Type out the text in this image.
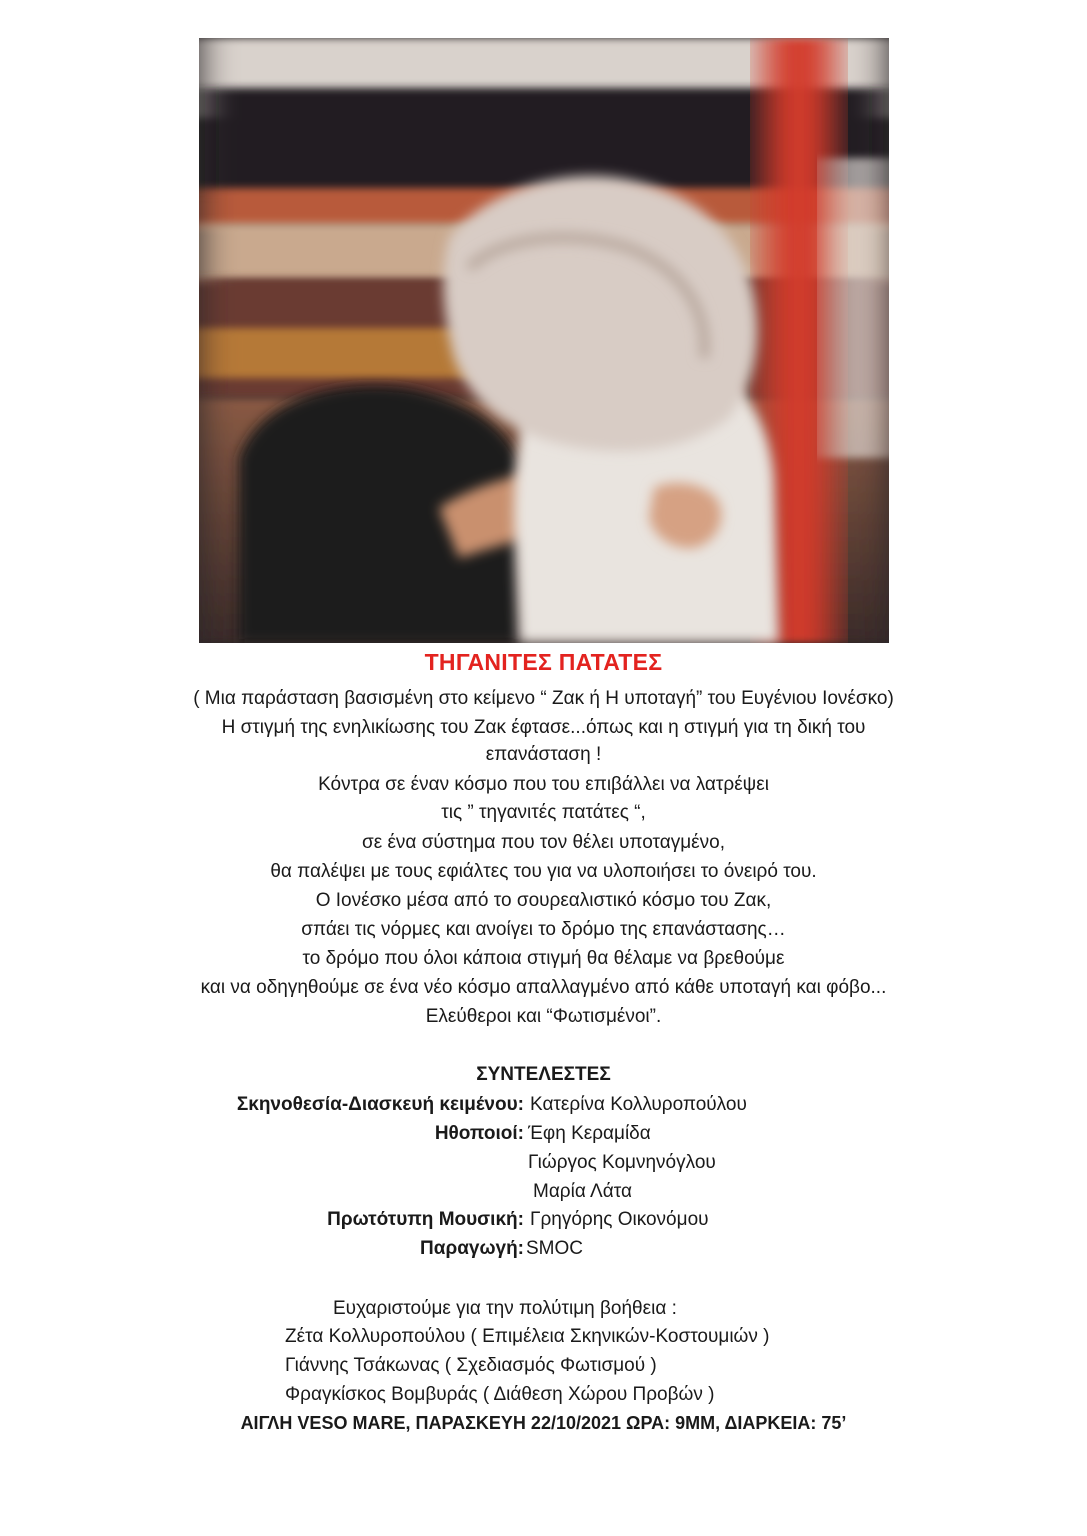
ΤΗΓΑΝΙΤΕΣ ΠΑΤΑΤΕΣ
( Μια παράσταση βασισμένη στο κείμενο “ Ζακ ή Η υποταγή” του Ευγένιου Ιονέσκο)
Η στιγμή της ενηλικίωσης του Ζακ έφτασε...όπως και η στιγμή για τη δική του
επανάσταση !
Κόντρα σε έναν κόσμο που του επιβάλλει να λατρέψει
τις ” τηγανιτές πατάτες “,
σε ένα σύστημα που τον θέλει υποταγμένο,
θα παλέψει με τους εφιάλτες του για να υλοποιήσει το όνειρό του.
Ο Ιονέσκο μέσα από το σουρεαλιστικό κόσμο του Ζακ,
σπάει τις νόρμες και ανοίγει το δρόμο της επανάστασης…
το δρόμο που όλοι κάποια στιγμή θα θέλαμε να βρεθούμε
και να οδηγηθούμε σε ένα νέο κόσμο απαλλαγμένο από κάθε υποταγή και φόβο...
Ελεύθεροι και “Φωτισμένοι”.
ΣΥΝΤΕΛΕΣΤΕΣ
Σκηνοθεσία-Διασκευή κειμένου: Κατερίνα Κολλυροπούλου
Ηθοποιοί: Έφη Κεραμίδα
Γιώργος Κομνηνόγλου
Μαρία Λάτα
Πρωτότυπη Μουσική: Γρηγόρης Οικονόμου
Παραγωγή: SMOC
Ευχαριστούμε για την πολύτιμη βοήθεια :
Ζέτα Κολλυροπούλου ( Επιμέλεια Σκηνικών-Κοστουμιών )
Γιάννης Τσάκωνας ( Σχεδιασμός Φωτισμού )
Φραγκίσκος Βομβυράς ( Διάθεση Χώρου Προβών )
ΑΙΓΛΗ VESO MARE, ΠΑΡΑΣΚΕΥΗ 22/10/2021 ΩΡΑ: 9ΜΜ, ΔΙΑΡΚΕΙΑ: 75’
